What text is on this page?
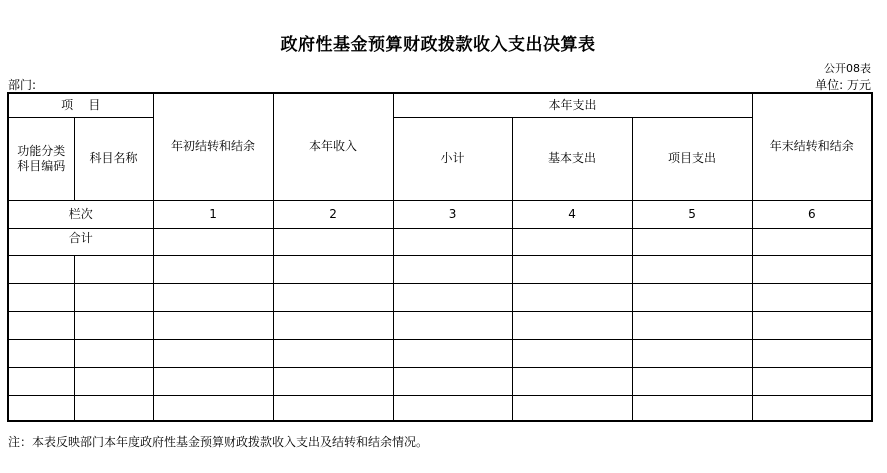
政府性基金预算财政拨款收入支出决算表
公开08表
部门:	单位: 万元
项    目		年初结转和结余	本年收入	本年支出			年末结转和结余
功能分类科目编码	科目名称			小计	基本支出	项目支出	
栏次		1	2	3	4	5	6
合计							

注：本表反映部门本年度政府性基金预算财政拨款收入支出及结转和结余情况。
